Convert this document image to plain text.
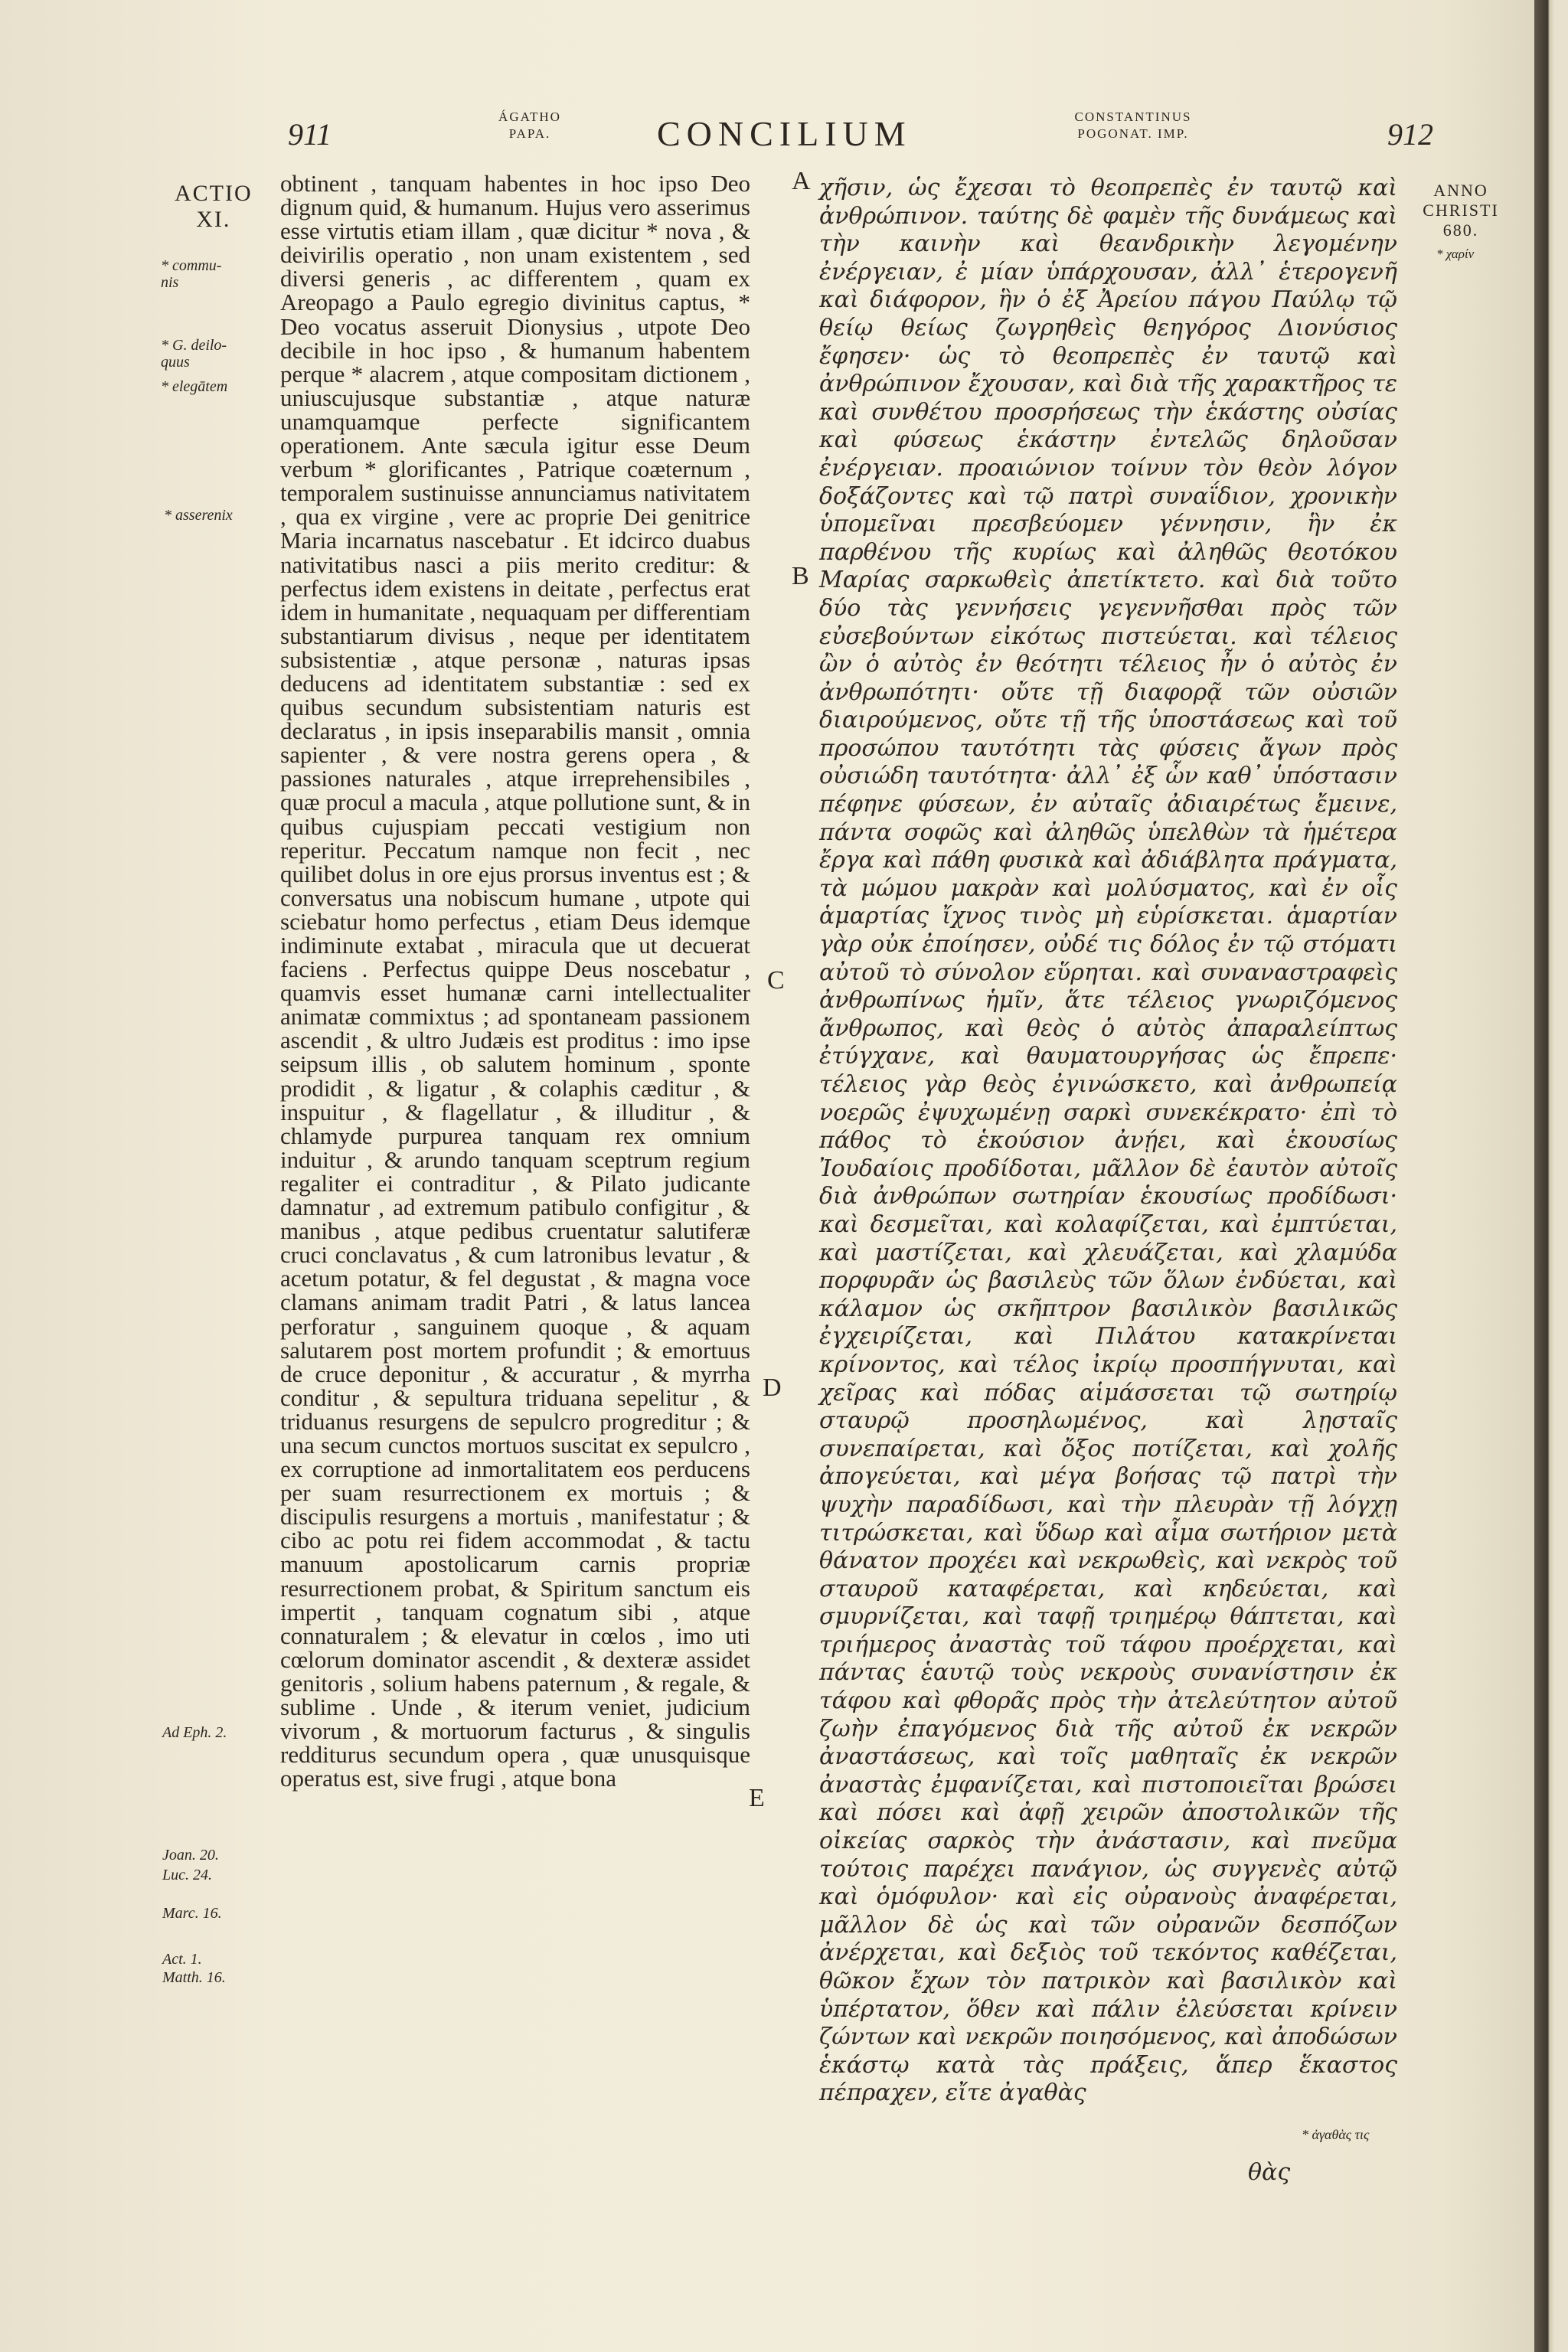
911
ÁGATHO
PAPA.	CONCILIUM	CONSTANTINUS
POGONAT. IMP.	912
ACTIO
XI.
* commu-
nis
* G. deilo-
quus
* elegātem
* asserenix
Ad Eph. 2.
Joan. 20.
Luc. 24.
Marc. 16.
Act. 1.
Matth. 16.

obtinent , tanquam habentes in hoc ipso Deo dignum quid, & humanum. Hujus vero asserimus esse virtutis etiam illam , quæ dicitur * nova , & deivirilis operatio , non unam existentem , sed diversi generis , ac differentem , quam ex Areopago a Paulo egregio divinitus captus, * Deo vocatus asseruit Dionysius , utpote Deo decibile in hoc ipso , & humanum habentem perque * alacrem , atque compositam dictionem , uniuscujusque substantiæ , atque naturæ unamquamque perfecte significantem operationem. Ante sæcula igitur esse Deum verbum * glorificantes , Patrique coæternum , temporalem sustinuisse annunciamus nativitatem , qua ex virgine , vere ac proprie Dei genitrice Maria incarnatus nascebatur . Et idcirco duabus nativitatibus nasci a piis merito creditur: & perfectus idem existens in deitate , perfectus erat idem in humanitate , nequaquam per differentiam substantiarum divisus , neque per identitatem subsistentiæ , atque personæ , naturas ipsas deducens ad identitatem substantiæ : sed ex quibus secundum subsistentiam naturis est declaratus , in ipsis inseparabilis mansit , omnia sapienter , & vere nostra gerens opera , & passiones naturales , atque irreprehensibiles , quæ procul a macula , atque pollutione sunt, & in quibus cujuspiam peccati vestigium non reperitur. Peccatum namque non fecit , nec quilibet dolus in ore ejus prorsus inventus est ; & conversatus una nobiscum humane , utpote qui sciebatur homo perfectus , etiam Deus idemque indiminute extabat , miracula que ut decuerat faciens . Perfectus quippe Deus noscebatur , quamvis esset humanæ carni intellectualiter animatæ commixtus ; ad spontaneam passionem ascendit , & ultro Judæis est proditus : imo ipse seipsum illis , ob salutem hominum , sponte prodidit , & ligatur , & colaphis cæditur , & inspuitur , & flagellatur , & illuditur , & chlamyde purpurea tanquam rex omnium induitur , & arundo tanquam sceptrum regium regaliter ei contraditur , & Pilato judicante damnatur , ad extremum patibulo configitur , & manibus , atque pedibus cruentatur salutiferæ cruci conclavatus , & cum latronibus levatur , & acetum potatur, & fel degustat , & magna voce clamans animam tradit Patri , & latus lancea perforatur , sanguinem quoque , & aquam salutarem post mortem profundit ; & emortuus de cruce deponitur , & accuratur , & myrrha conditur , & sepultura triduana sepelitur , & triduanus resurgens de sepulcro progreditur ; & una secum cunctos mortuos suscitat ex sepulcro , ex corruptione ad inmortalitatem eos perducens per suam resurrectionem ex mortuis ; & discipulis resurgens a mortuis , manifestatur ; & cibo ac potu rei fidem accommodat , & tactu manuum apostolicarum carnis propriæ resurrectionem probat, & Spiritum sanctum eis impertit , tanquam cognatum sibi , atque connaturalem ; & elevatur in cœlos , imo uti cœlorum dominator ascendit , & dexteræ assidet genitoris , solium habens paternum , & regale, & sublime . Unde , & iterum veniet, judicium vivorum , & mortuorum facturus , & singulis redditurus secundum opera , quæ unusquisque operatus est, sive frugi , atque bona

A
B
C
D
E

χῆσιν, ὡς ἔχεσαι τὸ θεοπρεπὲς ἐν ταυτῷ καὶ ἀνθρώπινον. ταύτης δὲ φαμὲν τῆς δυνάμεως καὶ τὴν καινὴν καὶ θεανδρικὴν λεγομένην ἐνέργειαν, ἐ μίαν ὑπάρχουσαν, ἀλλ᾽ ἑτερογενῆ καὶ διάφορον, ἣν ὁ ἐξ Ἀρείου πάγου Παύλῳ τῷ θείῳ θείως ζωγρηθεὶς θεηγόρος Διονύσιος ἔφησεν· ὡς τὸ θεοπρεπὲς ἐν ταυτῷ καὶ ἀνθρώπινον ἔχουσαν, καὶ διὰ τῆς χαρακτῆρος τε καὶ συνθέτου προσρήσεως τὴν ἑκάστης οὐσίας καὶ φύσεως ἑκάστην ἐντελῶς δηλοῦσαν ἐνέργειαν. προαιώνιον τοίνυν τὸν θεὸν λόγον δοξάζοντες καὶ τῷ πατρὶ συναΐδιον, χρονικὴν ὑπομεῖναι πρεσβεύομεν γέννησιν, ἣν ἐκ παρθένου τῆς κυρίως καὶ ἀληθῶς θεοτόκου Μαρίας σαρκωθεὶς ἀπετίκτετο. καὶ διὰ τοῦτο δύο τὰς γεννήσεις γεγεννῆσθαι πρὸς τῶν εὐσεβούντων εἰκότως πιστεύεται. καὶ τέλειος ὢν ὁ αὐτὸς ἐν θεότητι τέλειος ἦν ὁ αὐτὸς ἐν ἀνθρωπότητι· οὔτε τῇ διαφορᾷ τῶν οὐσιῶν διαιρούμενος, οὔτε τῇ τῆς ὑποστάσεως καὶ τοῦ προσώπου ταυτότητι τὰς φύσεις ἄγων πρὸς οὐσιώδη ταυτότητα· ἀλλ᾽ ἐξ ὧν καθ᾽ ὑπόστασιν πέφηνε φύσεων, ἐν αὐταῖς ἀδιαιρέτως ἔμεινε, πάντα σοφῶς καὶ ἀληθῶς ὑπελθὼν τὰ ἡμέτερα ἔργα καὶ πάθη φυσικὰ καὶ ἀδιάβλητα πράγματα, τὰ μώμου μακρὰν καὶ μολύσματος, καὶ ἐν οἷς ἁμαρτίας ἴχνος τινὸς μὴ εὑρίσκεται. ἁμαρτίαν γὰρ οὐκ ἐποίησεν, οὐδέ τις δόλος ἐν τῷ στόματι αὐτοῦ τὸ σύνολον εὕρηται. καὶ συναναστραφεὶς ἀνθρωπίνως ἡμῖν, ἅτε τέλειος γνωριζόμενος ἄνθρωπος, καὶ θεὸς ὁ αὐτὸς ἀπαραλείπτως ἐτύγχανε, καὶ θαυματουργήσας ὡς ἔπρεπε· τέλειος γὰρ θεὸς ἐγινώσκετο, καὶ ἀνθρωπείᾳ νοερῶς ἐψυχωμένῃ σαρκὶ συνεκέκρατο· ἐπὶ τὸ πάθος τὸ ἑκούσιον ἀνῄει, καὶ ἑκουσίως Ἰουδαίοις προδίδοται, μᾶλλον δὲ ἑαυτὸν αὐτοῖς διὰ ἀνθρώπων σωτηρίαν ἑκουσίως προδίδωσι· καὶ δεσμεῖται, καὶ κολαφίζεται, καὶ ἐμπτύεται, καὶ μαστίζεται, καὶ χλευάζεται, καὶ χλαμύδα πορφυρᾶν ὡς βασιλεὺς τῶν ὅλων ἐνδύεται, καὶ κάλαμον ὡς σκῆπτρον βασιλικὸν βασιλικῶς ἐγχειρίζεται, καὶ Πιλάτου κατακρίνεται κρίνοντος, καὶ τέλος ἰκρίῳ προσπήγνυται, καὶ χεῖρας καὶ πόδας αἱμάσσεται τῷ σωτηρίῳ σταυρῷ προσηλωμένος, καὶ λῃσταῖς συνεπαίρεται, καὶ ὄξος ποτίζεται, καὶ χολῆς ἀπογεύεται, καὶ μέγα βοήσας τῷ πατρὶ τὴν ψυχὴν παραδίδωσι, καὶ τὴν πλευρὰν τῇ λόγχῃ τιτρώσκεται, καὶ ὕδωρ καὶ αἷμα σωτήριον μετὰ θάνατον προχέει καὶ νεκρωθεὶς, καὶ νεκρὸς τοῦ σταυροῦ καταφέρεται, καὶ κηδεύεται, καὶ σμυρνίζεται, καὶ ταφῇ τριημέρῳ θάπτεται, καὶ τριήμερος ἀναστὰς τοῦ τάφου προέρχεται, καὶ πάντας ἑαυτῷ τοὺς νεκροὺς συνανίστησιν ἐκ τάφου καὶ φθορᾶς πρὸς τὴν ἀτελεύτητον αὐτοῦ ζωὴν ἐπαγόμενος διὰ τῆς αὐτοῦ ἐκ νεκρῶν ἀναστάσεως, καὶ τοῖς μαθηταῖς ἐκ νεκρῶν ἀναστὰς ἐμφανίζεται, καὶ πιστοποιεῖται βρώσει καὶ πόσει καὶ ἀφῇ χειρῶν ἀποστολικῶν τῆς οἰκείας σαρκὸς τὴν ἀνάστασιν, καὶ πνεῦμα τούτοις παρέχει πανάγιον, ὡς συγγενὲς αὐτῷ καὶ ὁμόφυλον· καὶ εἰς οὐρανοὺς ἀναφέρεται, μᾶλλον δὲ ὡς καὶ τῶν οὐρανῶν δεσπόζων ἀνέρχεται, καὶ δεξιὸς τοῦ τεκόντος καθέζεται, θῶκον ἔχων τὸν πατρικὸν καὶ βασιλικὸν καὶ ὑπέρτατον, ὅθεν καὶ πάλιν ἐλεύσεται κρίνειν ζώντων καὶ νεκρῶν ποιησόμενος, καὶ ἀποδώσων ἑκάστῳ κατὰ τὰς πράξεις, ἅπερ ἕκαστος πέπραχεν, εἴτε ἀγαθὰς

ANNO
CHRISTI
680.
* χαρίν
* ἀγαθὰς τις
θὰς
